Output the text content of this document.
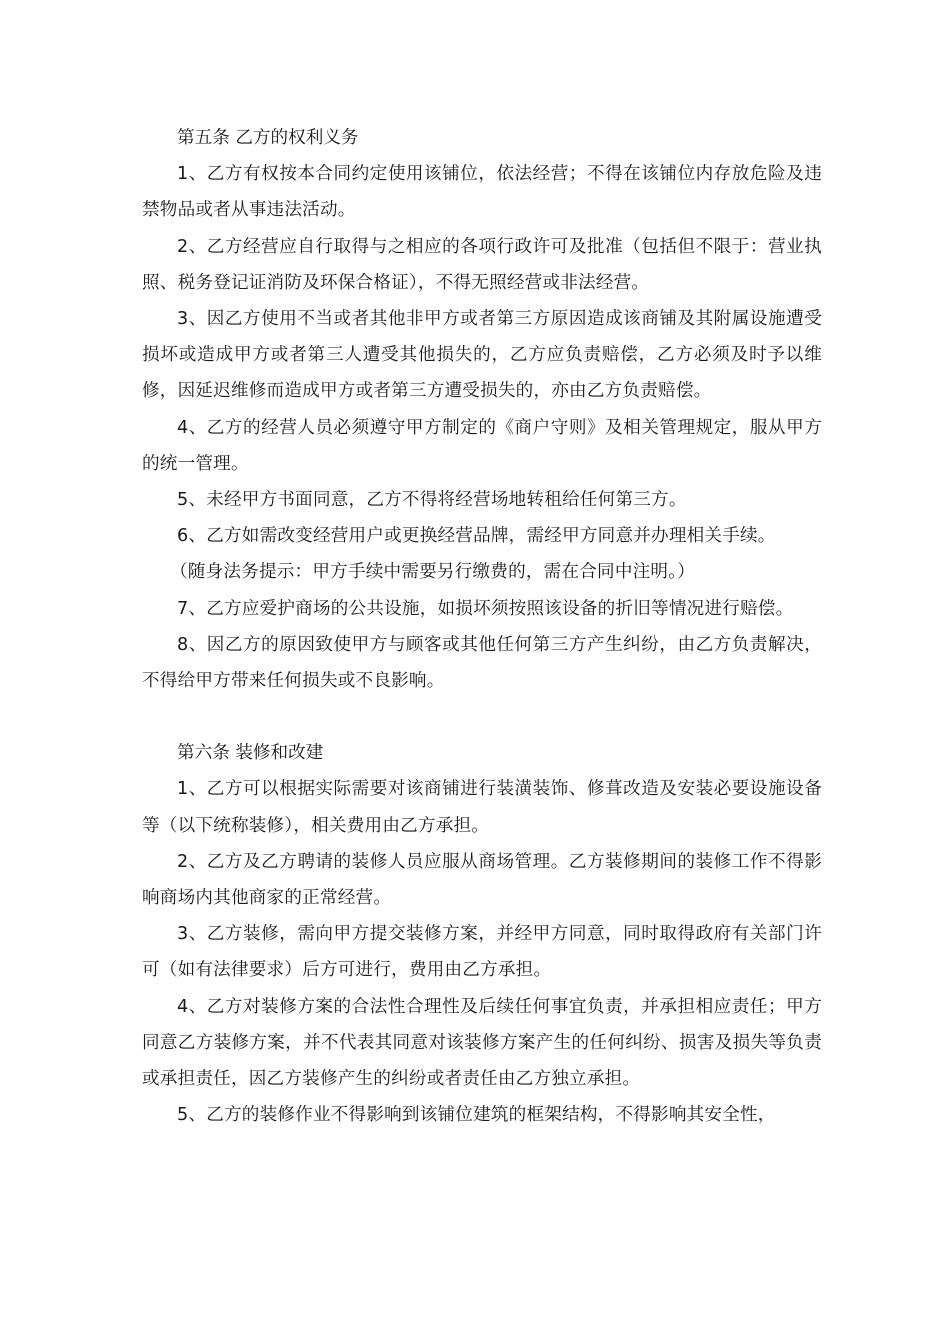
第五条 乙方的权利义务

1、乙方有权按本合同约定使用该铺位，依法经营；不得在该铺位内存放危险及违禁物品或者从事违法活动。

2、乙方经营应自行取得与之相应的各项行政许可及批准（包括但不限于：营业执照、税务登记证消防及环保合格证），不得无照经营或非法经营。

3、因乙方使用不当或者其他非甲方或者第三方原因造成该商铺及其附属设施遭受损坏或造成甲方或者第三人遭受其他损失的，乙方应负责赔偿，乙方必须及时予以维修，因延迟维修而造成甲方或者第三方遭受损失的，亦由乙方负责赔偿。

4、乙方的经营人员必须遵守甲方制定的《商户守则》及相关管理规定，服从甲方的统一管理。

5、未经甲方书面同意，乙方不得将经营场地转租给任何第三方。

6、乙方如需改变经营用户或更换经营品牌，需经甲方同意并办理相关手续。

（随身法务提示：甲方手续中需要另行缴费的，需在合同中注明。）

7、乙方应爱护商场的公共设施，如损坏须按照该设备的折旧等情况进行赔偿。

8、因乙方的原因致使甲方与顾客或其他任何第三方产生纠纷，由乙方负责解决，不得给甲方带来任何损失或不良影响。

第六条 装修和改建

1、乙方可以根据实际需要对该商铺进行装潢装饰、修葺改造及安装必要设施设备等（以下统称装修），相关费用由乙方承担。

2、乙方及乙方聘请的装修人员应服从商场管理。乙方装修期间的装修工作不得影响商场内其他商家的正常经营。

3、乙方装修，需向甲方提交装修方案，并经甲方同意，同时取得政府有关部门许可（如有法律要求）后方可进行，费用由乙方承担。

4、乙方对装修方案的合法性合理性及后续任何事宜负责，并承担相应责任；甲方同意乙方装修方案，并不代表其同意对该装修方案产生的任何纠纷、损害及损失等负责或承担责任，因乙方装修产生的纠纷或者责任由乙方独立承担。

5、乙方的装修作业不得影响到该铺位建筑的框架结构，不得影响其安全性，
